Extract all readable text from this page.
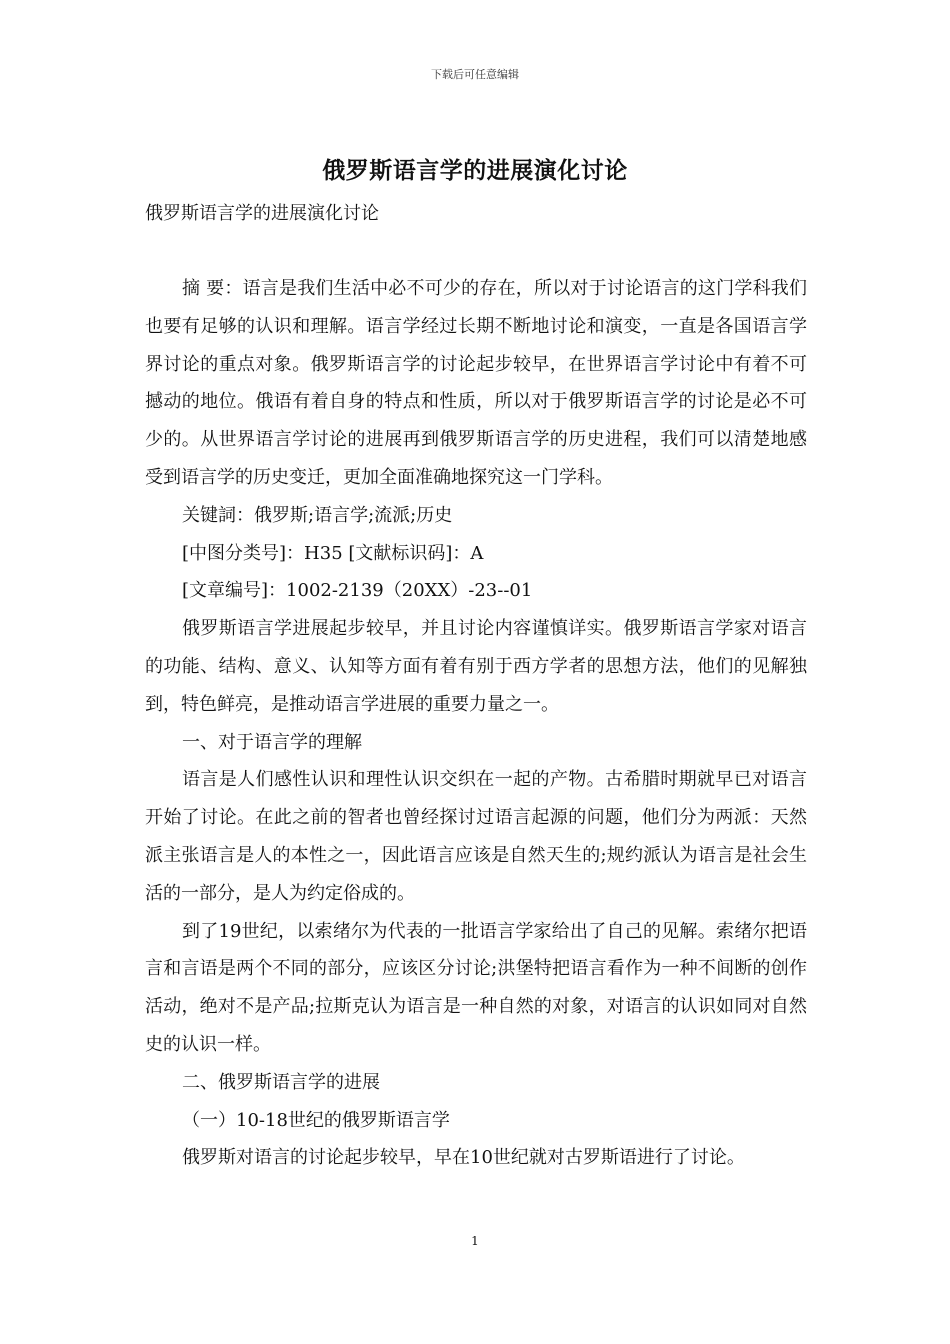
下载后可任意编辑
俄罗斯语言学的进展演化讨论
俄罗斯语言学的进展演化讨论

摘 要：语言是我们生活中必不可少的存在，所以对于讨论语言的这门学科我们也要有足够的认识和理解。语言学经过长期不断地讨论和演变，一直是各国语言学界讨论的重点对象。俄罗斯语言学的讨论起步较早，在世界语言学讨论中有着不可撼动的地位。俄语有着自身的特点和性质，所以对于俄罗斯语言学的讨论是必不可少的。从世界语言学讨论的进展再到俄罗斯语言学的历史进程，我们可以清楚地感受到语言学的历史变迁，更加全面准确地探究这一门学科。

关键詞：俄罗斯;语言学;流派;历史

[中图分类号]：H35 [文献标识码]：A

[文章编号]：1002-2139（20XX）-23--01

俄罗斯语言学进展起步较早，并且讨论内容谨慎详实。俄罗斯语言学家对语言的功能、结构、意义、认知等方面有着有别于西方学者的思想方法，他们的见解独到，特色鲜亮，是推动语言学进展的重要力量之一。

一、对于语言学的理解

语言是人们感性认识和理性认识交织在一起的产物。古希腊时期就早已对语言开始了讨论。在此之前的智者也曾经探讨过语言起源的问题，他们分为两派：天然派主张语言是人的本性之一，因此语言应该是自然天生的;规约派认为语言是社会生活的一部分，是人为约定俗成的。

到了19世纪，以索绪尔为代表的一批语言学家给出了自己的见解。索绪尔把语言和言语是两个不同的部分，应该区分讨论;洪堡特把语言看作为一种不间断的创作活动，绝对不是产品;拉斯克认为语言是一种自然的对象，对语言的认识如同对自然史的认识一样。

二、俄罗斯语言学的进展

（一）10-18世纪的俄罗斯语言学

俄罗斯对语言的讨论起步较早，早在10世纪就对古罗斯语进行了讨论。

1
